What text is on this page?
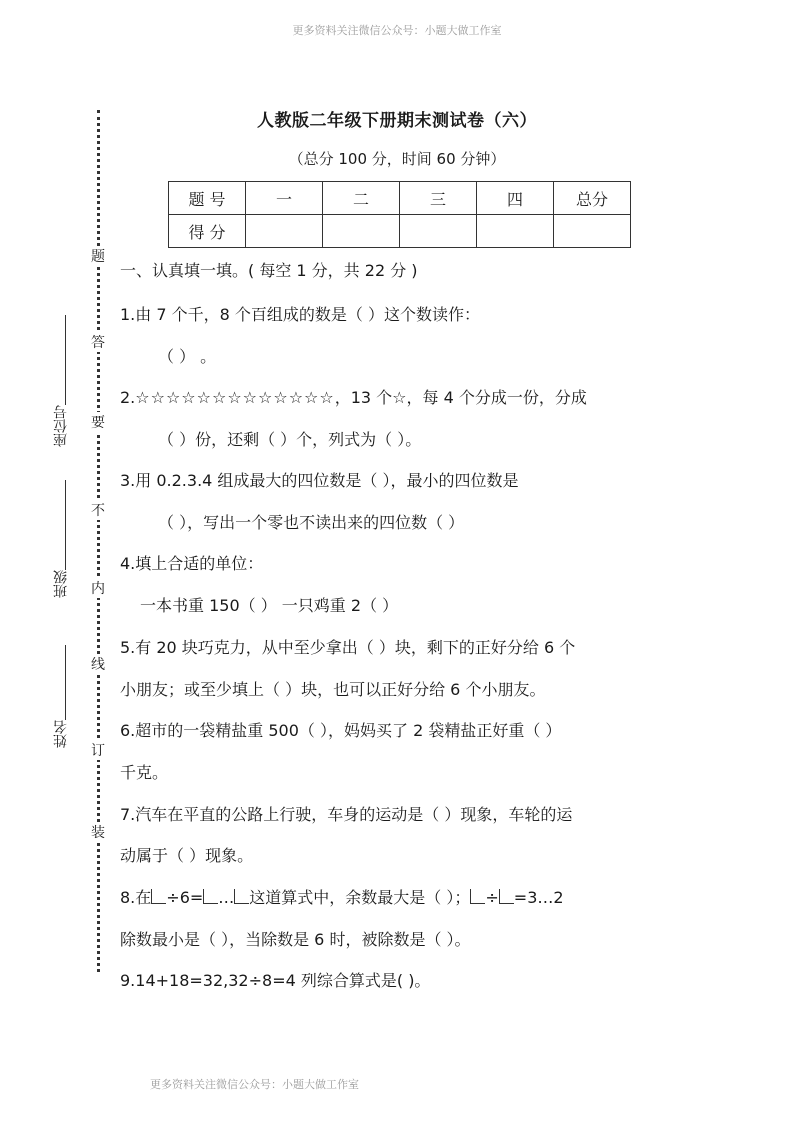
更多资料关注微信公众号：小题大做工作室
题
答
要
不
内
线
订
装
座位号
班级
姓名
人教版二年级下册期末测试卷（六）
（总分 100 分，时间 60 分钟）
题 号	一	二	三	四	总分
得 分					
一、认真填一填。( 每空 1 分，共 22 分 )
1.由 7 个千，8 个百组成的数是（ ）这个数读作：
（ ） 。
2.☆☆☆☆☆☆☆☆☆☆☆☆☆，13 个☆，每 4 个分成一份，分成
（ ）份，还剩（ ）个，列式为（ ）。
3.用 0.2.3.4 组成最大的四位数是（ ），最小的四位数是
（ ），写出一个零也不读出来的四位数（ ）
4.填上合适的单位：
一本书重 150（ ） 一只鸡重 2（ ）
5.有 20 块巧克力，从中至少拿出（ ）块，剩下的正好分给 6 个
小朋友；或至少填上（ ）块，也可以正好分给 6 个小朋友。
6.超市的一袋精盐重 500（ ），妈妈买了 2 袋精盐正好重（ ）
千克。
7.汽车在平直的公路上行驶，车身的运动是（ ）现象，车轮的运
动属于（ ）现象。
8.在 ÷6= … 这道算式中，余数最大是（ ）； ÷ =3…2
除数最小是（ ），当除数是 6 时，被除数是（ ）。
9.14+18=32,32÷8=4 列综合算式是( )。
更多资料关注微信公众号：小题大做工作室
